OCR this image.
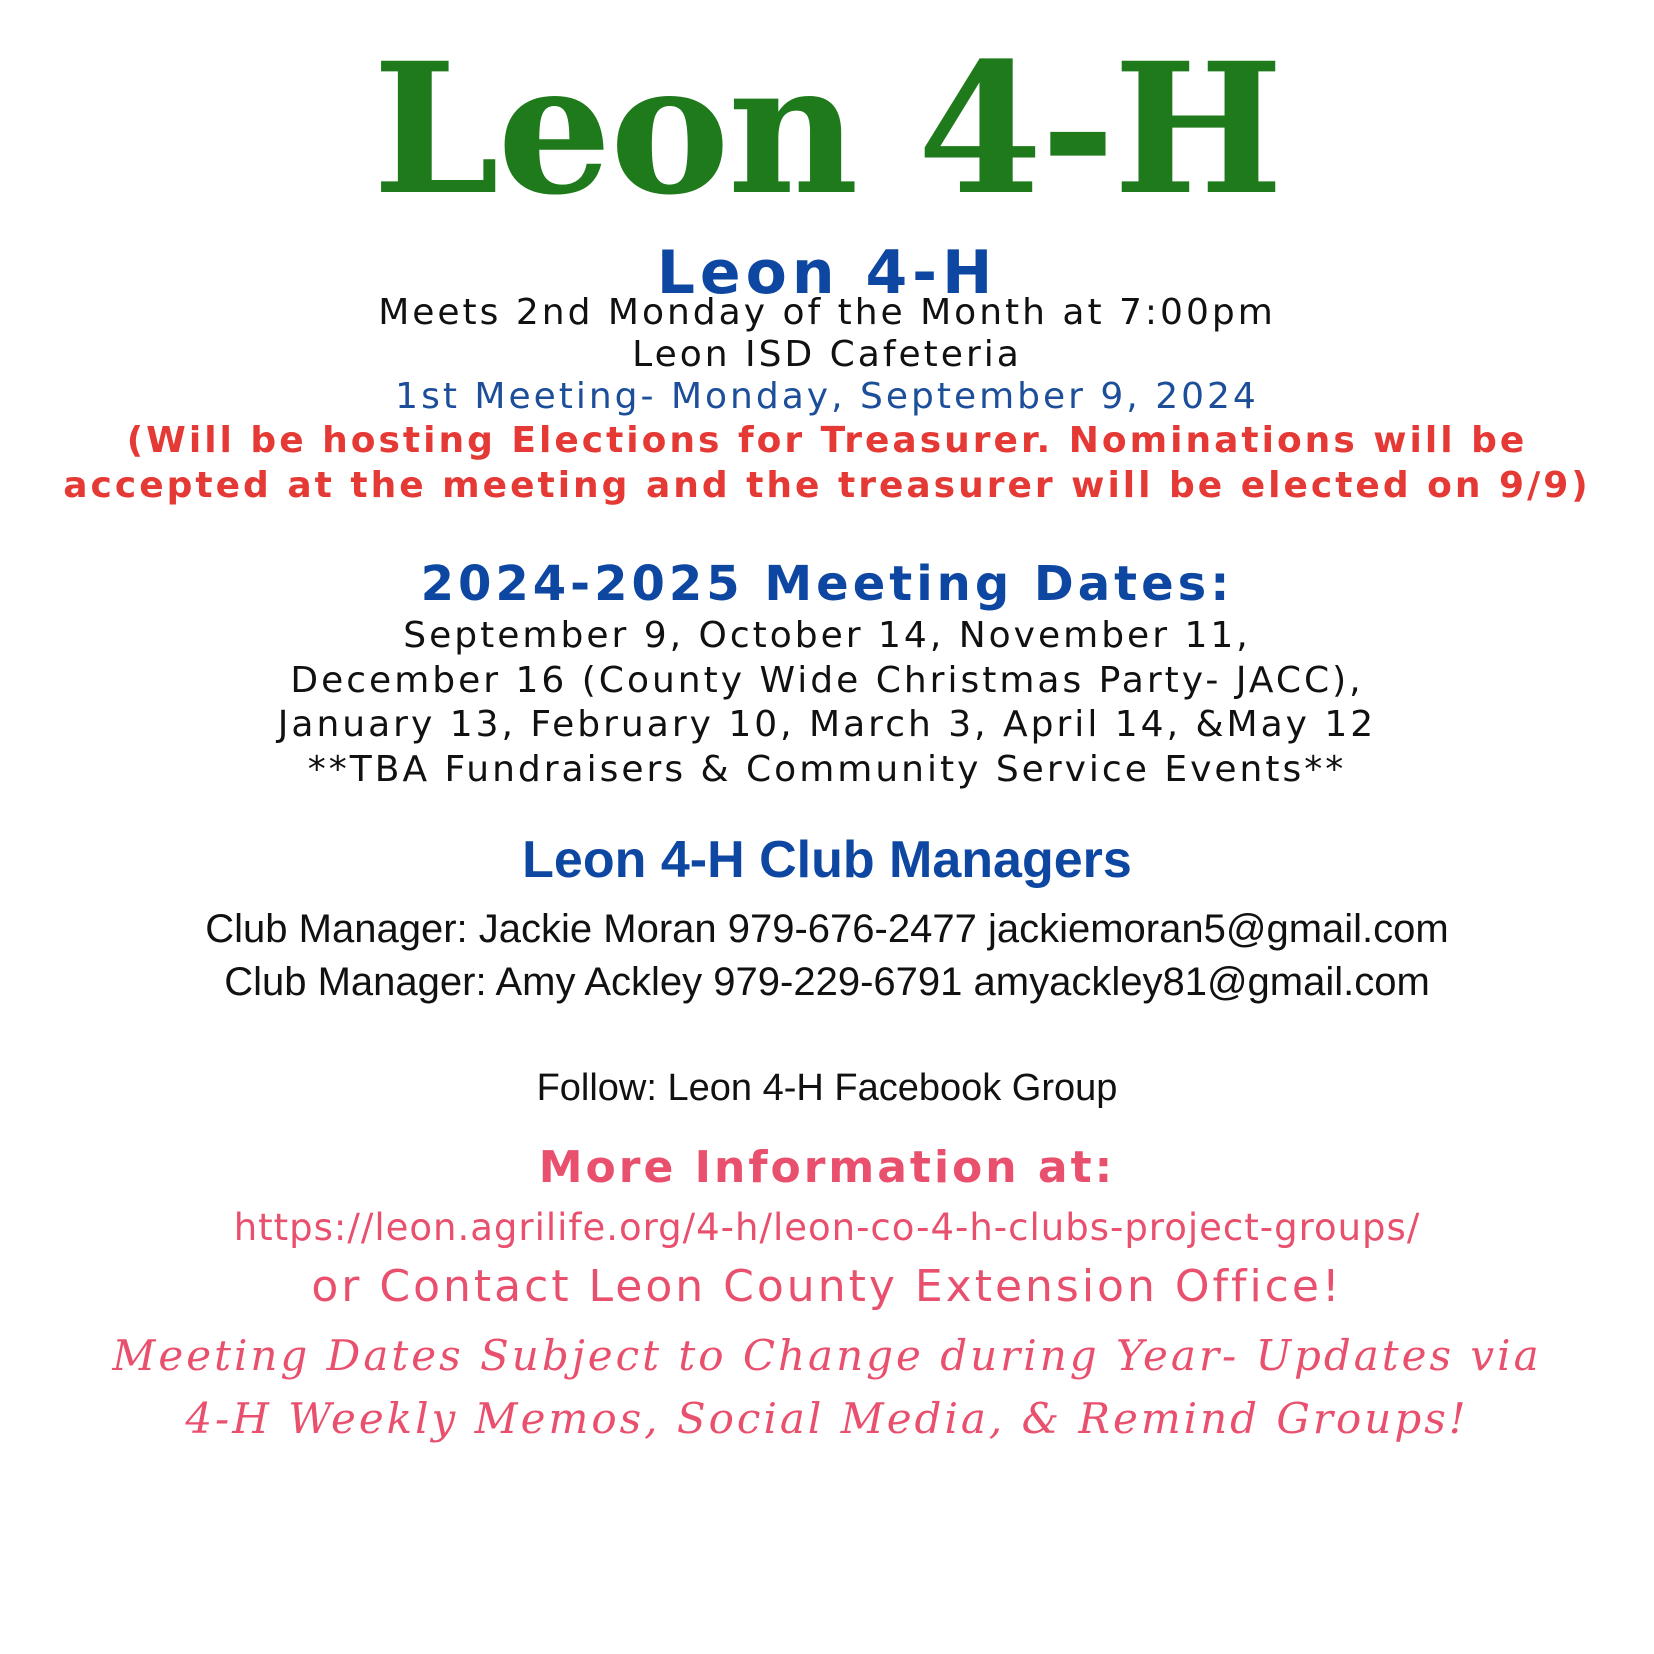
Leon 4-H
Leon 4-H

Meets 2nd Monday of the Month at 7:00pm

Leon ISD Cafeteria

1st Meeting- Monday, September 9, 2024

(Will be hosting Elections for Treasurer. Nominations will be

accepted at the meeting and the treasurer will be elected on 9/9)

2024-2025 Meeting Dates:

September 9, October 14, November 11,

December 16 (County Wide Christmas Party- JACC),

January 13, February 10, March 3, April 14, &May 12

**TBA Fundraisers & Community Service Events**

Leon 4-H Club Managers

Club Manager: Jackie Moran 979-676-2477 jackiemoran5@gmail.com

Club Manager: Amy Ackley 979-229-6791 amyackley81@gmail.com

Follow: Leon 4-H Facebook Group

More Information at:

https://leon.agrilife.org/4-h/leon-co-4-h-clubs-project-groups/

or Contact Leon County Extension Office!

Meeting Dates Subject to Change during Year- Updates via

4-H Weekly Memos, Social Media, & Remind Groups!
